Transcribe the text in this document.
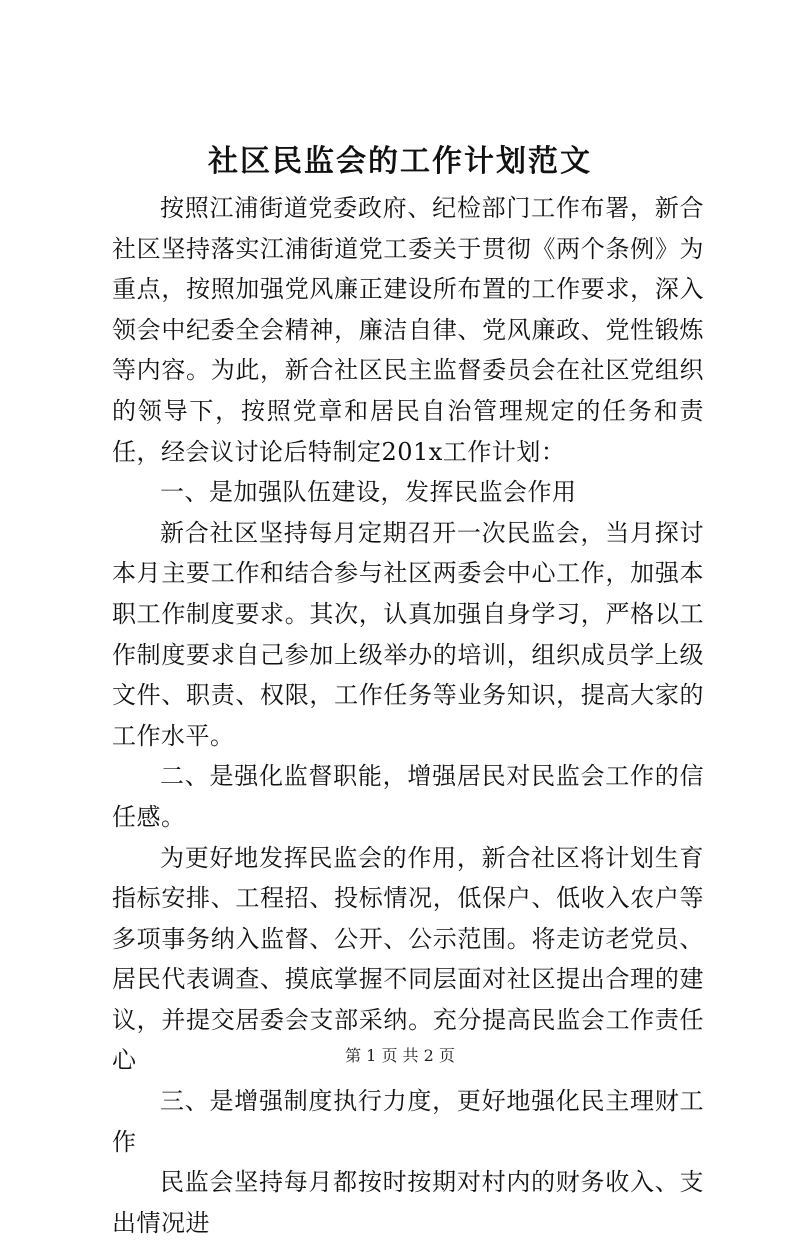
社区民监会的工作计划范文

按照江浦街道党委政府、纪检部门工作布署，新合社区坚持落实江浦街道党工委关于贯彻《两个条例》为重点，按照加强党风廉正建设所布置的工作要求，深入领会中纪委全会精神，廉洁自律、党风廉政、党性锻炼等内容。为此，新合社区民主监督委员会在社区党组织的领导下，按照党章和居民自治管理规定的任务和责任，经会议讨论后特制定201x工作计划：

一、是加强队伍建设，发挥民监会作用

新合社区坚持每月定期召开一次民监会，当月探讨本月主要工作和结合参与社区两委会中心工作，加强本职工作制度要求。其次，认真加强自身学习，严格以工作制度要求自己参加上级举办的培训，组织成员学上级文件、职责、权限，工作任务等业务知识，提高大家的工作水平。

二、是强化监督职能，增强居民对民监会工作的信任感。

为更好地发挥民监会的作用，新合社区将计划生育指标安排、工程招、投标情况，低保户、低收入农户等多项事务纳入监督、公开、公示范围。将走访老党员、居民代表调查、摸底掌握不同层面对社区提出合理的建议，并提交居委会支部采纳。充分提高民监会工作责任心

三、是增强制度执行力度，更好地强化民主理财工作

民监会坚持每月都按时按期对村内的财务收入、支出情况进

第 1 页 共 2 页
